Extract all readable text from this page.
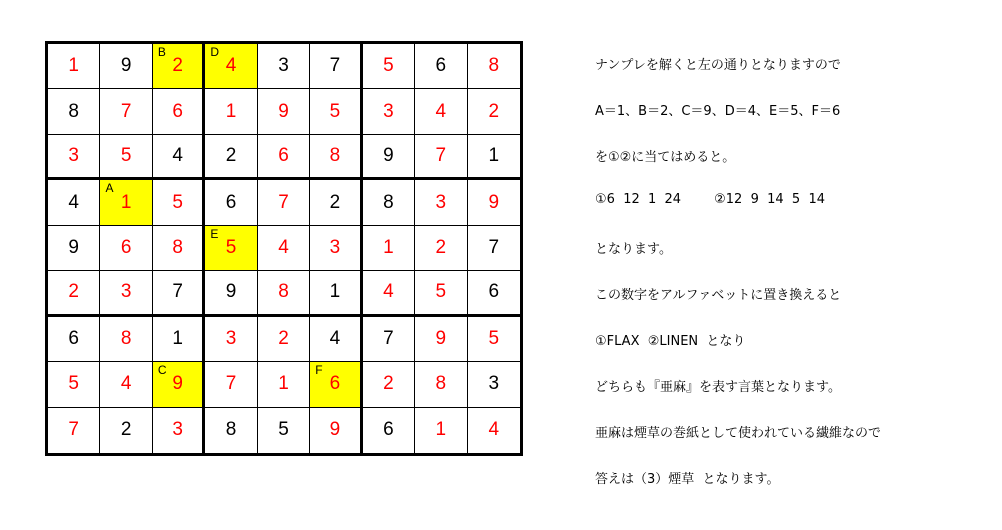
1 9
B
2
D
4 3 7 5 6 8
8 7 6 1 9 5 3 4 2
3 5 4 2 6 8 9 7 1
4
A
1 5 6 7 2 8 3 9
9 6 8
E
5 4 3 1 2 7
2 3 7 9 8 1 4 5 6
6 8 1 3 2 4 7 9 5
5 4
C
9 7 1
F
6 2 8 3
7 2 3 8 5 9 6 1 4
ナンプレを解くと左の通りとなりますので
A＝1、B＝2、C＝9、D＝4、E＝5、F＝6
を①②に当てはめると。
①6  12  1  24        ②12  9  14  5  14
となります。
この数字をアルファベットに置き換えると
①FLAX  ②LINEN  となり
どちらも『亜麻』を表す言葉となります。
亜麻は煙草の巻紙として使われている繊維なので
答えは（3）煙草  となります。
